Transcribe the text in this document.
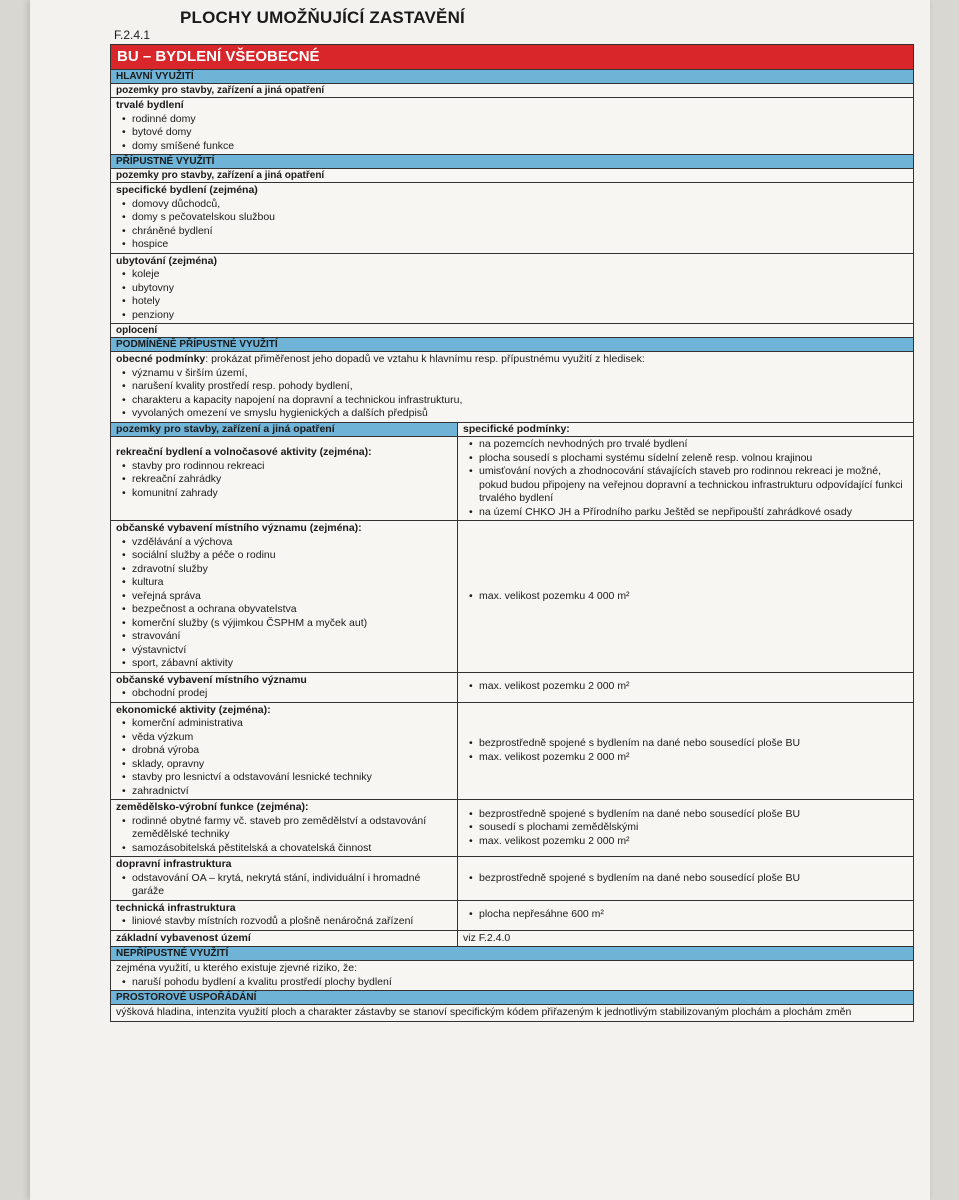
PLOCHY UMOŽŇUJÍCÍ ZASTAVĚNÍ
F.2.4.1
BU – BYDLENÍ VŠEOBECNÉ
HLAVNÍ VYUŽITÍ
pozemky pro stavby, zařízení a jiná opatření
trvalé bydlení
• rodinné domy
• bytové domy
• domy smíšené funkce
PŘÍPUSTNÉ VYUŽITÍ
pozemky pro stavby, zařízení a jiná opatření
specifické bydlení (zejména)
• domovy důchodců,
• domy s pečovatelskou službou
• chráněné bydlení
• hospice
ubytování (zejména)
• koleje
• ubytovny
• hotely
• penziony
oplocení
PODMÍNĚNĚ PŘÍPUSTNÉ VYUŽITÍ
obecné podmínky: prokázat přiměřenost jeho dopadů ve vztahu k hlavnímu resp. přípustnému využití z hledisek:
• významu v širším území,
• narušení kvality prostředí resp. pohody bydlení,
• charakteru a kapacity napojení na dopravní a technickou infrastrukturu,
• vyvolaných omezení ve smyslu hygienických a dalších předpisů
pozemky pro stavby, zařízení a jiná opatření	specifické podmínky:
rekreační bydlení a volnočasové aktivity (zejména):
• stavby pro rodinnou rekreaci
• rekreační zahrádky
• komunitní zahrady
• na pozemcích nevhodných pro trvalé bydlení
• plocha sousedí s plochami systému sídelní zeleně resp. volnou krajinou
• umisťování nových a zhodnocování stávajících staveb pro rodinnou rekreaci je možné, pokud budou připojeny na veřejnou dopravní a technickou infrastrukturu odpovídající funkci trvalého bydlení
• na území CHKO JH a Přírodního parku Ještěd se nepřipouští zahrádkové osady
občanské vybavení místního významu (zejména):
• vzdělávání a výchova
• sociální služby a péče o rodinu
• zdravotní služby
• kultura
• veřejná správa
• bezpečnost a ochrana obyvatelstva
• komerční služby (s výjimkou ČSPHM a myček aut)
• stravování
• výstavnictví
• sport, zábavní aktivity
• max. velikost pozemku 4 000 m²
občanské vybavení místního významu
• obchodní prodej
• max. velikost pozemku 2 000 m²
ekonomické aktivity (zejména):
• komerční administrativa
• věda výzkum
• drobná výroba
• sklady, opravny
• stavby pro lesnictví a odstavování lesnické techniky
• zahradnictví
• bezprostředně spojené s bydlením na dané nebo sousedící ploše BU
• max. velikost pozemku 2 000 m²
zemědělsko-výrobní funkce (zejména):
• rodinné obytné farmy vč. staveb pro zemědělství a odstavování zemědělské techniky
• samozásobitelská pěstitelská a chovatelská činnost
• bezprostředně spojené s bydlením na dané nebo sousedící ploše BU
• sousedí s plochami zemědělskými
• max. velikost pozemku 2 000 m²
dopravní infrastruktura
• odstavování OA – krytá, nekrytá stání, individuální i hromadné garáže
• bezprostředně spojené s bydlením na dané nebo sousedící ploše BU
technická infrastruktura
• liniové stavby místních rozvodů a plošně nenáročná zařízení
• plocha nepřesáhne 600 m²
základní vybavenost území	viz F.2.4.0
NEPŘÍPUSTNÉ VYUŽITÍ
zejména využití, u kterého existuje zjevné riziko, že:
• naruší pohodu bydlení a kvalitu prostředí plochy bydlení
PROSTOROVÉ USPOŘÁDÁNÍ
výšková hladina, intenzita využití ploch a charakter zástavby se stanoví specifickým kódem přiřazeným k jednotlivým stabilizovaným plochám a plochám změn
